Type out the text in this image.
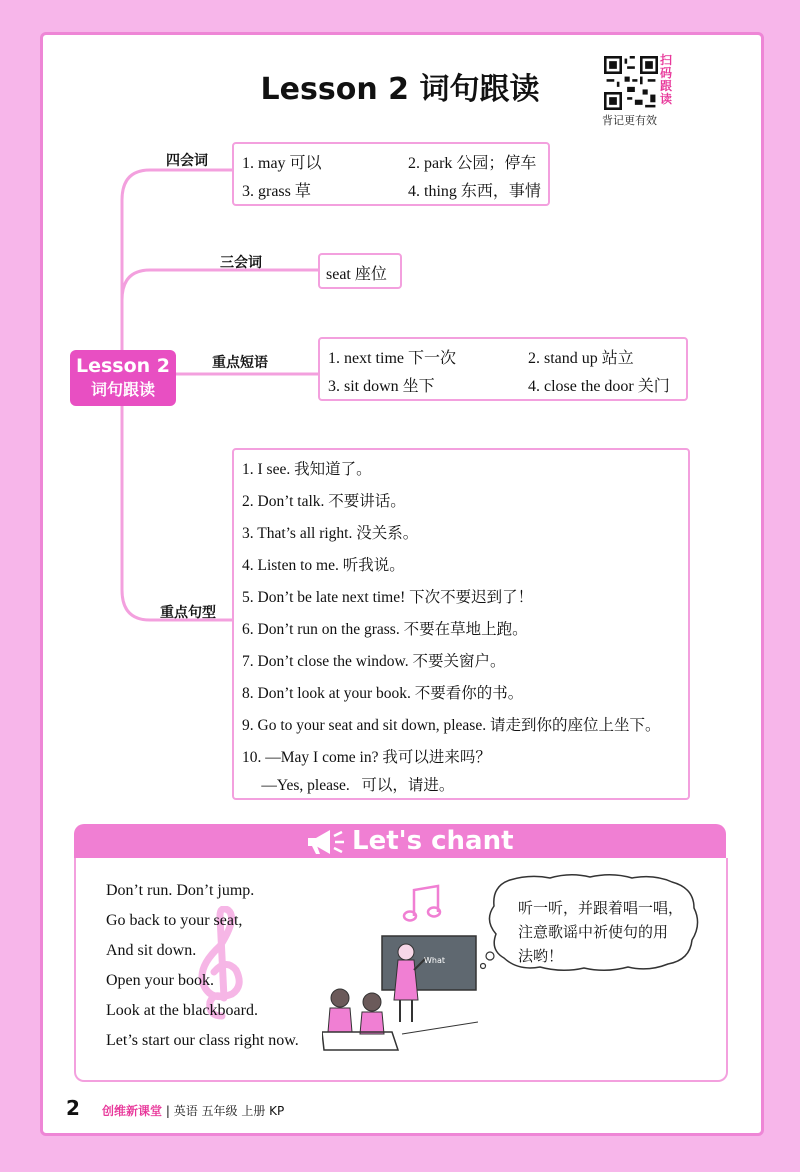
Lesson 2 词句跟读
扫码跟读
背记更有效
Lesson 2
词句跟读
四会词 1. may 可以	2. park 公园；停车
3. grass 草	4. thing 东西，事情
三会词
seat 座位
重点短语	1. next time 下一次	2. stand up 站立
3. sit down 坐下	4. close the door 关门
重点句型
1. I see. 我知道了。
2. Don’t talk. 不要讲话。
3. That’s all right. 没关系。
4. Listen to me. 听我说。
5. Don’t be late next time! 下次不要迟到了！
6. Don’t run on the grass. 不要在草地上跑。
7. Don’t close the window. 不要关窗户。
8. Don’t look at your book. 不要看你的书。
9. Go to your seat and sit down, please. 请走到你的座位上坐下。
10. —May I come in? 我可以进来吗？
—Yes, please.   可以，请进。
Let's chant
Don’t run. Don’t jump.
Go back to your seat,
And sit down.
Open your book.
Look at the blackboard.
Let’s start our class right now.
What
听一听，并跟着唱一唱，
注意歌谣中祈使句的用
法哟！
2 创维新课堂 | 英语 五年级 上册 KP
